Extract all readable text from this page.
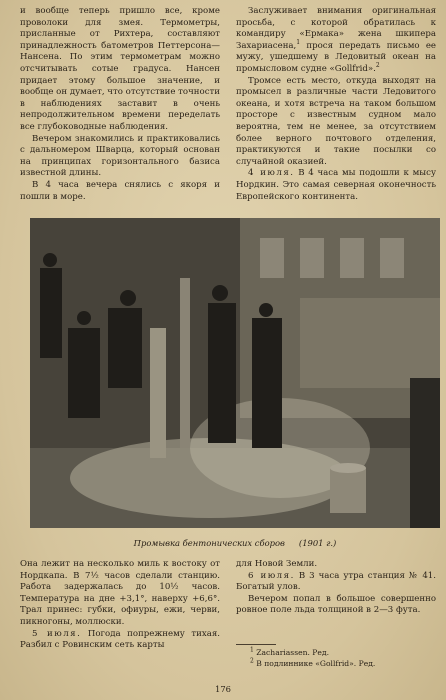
и вообще теперь пришло все, кроме проволоки для змея. Термометры, присланные от Рихтера, составляют принадлежность батометров Петтерсона— Нансена. По этим термометрам можно отсчитывать сотые градуса. Нансен придает этому большое значение, и вообще он думает, что отсутствие точности в наблюдениях заставит в очень непродолжительном времени переделать все глубоководные наблюдения.

Вечером знакомились и практиковались с дальномером Шварца, который основан на принципах горизонтального базиса известной длины.

В 4 часа вечера снялись с якоря и пошли в море.

Заслуживает внимания оригинальная просьба, с которой обратилась к командиру «Ермака» жена шкипера Захариасена,$^1$ прося передать письмо ее мужу, ушедшему в Ледовитый океан на промысловом судне «Gollfrid».$^2$

Тромсе есть место, откуда выходят на промысел в различные части Ледовитого океана, и хотя встреча на таком большом просторе с известным судном мало вероятна, тем не менее, за отсутствием более верного почтового отделения, практикуются и такие посылки со случайной оказией.

4 июля. В 4 часа мы подошли к мысу Нордкин. Это самая северная оконечность Европейского континента.

Промывка бентонических сборов (1901 г.)

Она лежит на несколько миль к востоку от Нордкапа. В 7½ часов сделали станцию. Работа задержалась до 10½ часов. Температура на дне +3,1°, наверху +6,6°. Трал принес: губки, офиуры, ежи, черви, пикногоны, моллюски.

5 июля. Погода попрежнему тихая. Разбил с Ровинским сеть карты

для Новой Земли.

6 июля. В 3 часа утра станция № 41. Богатый улов.

Вечером попал в большое совершенно ровное поле льда толщиной в 2—3 фута.

$^1$ Zachariassen. Ред.

$^2$ В подлиннике «Gollfrid». Ред.

176
